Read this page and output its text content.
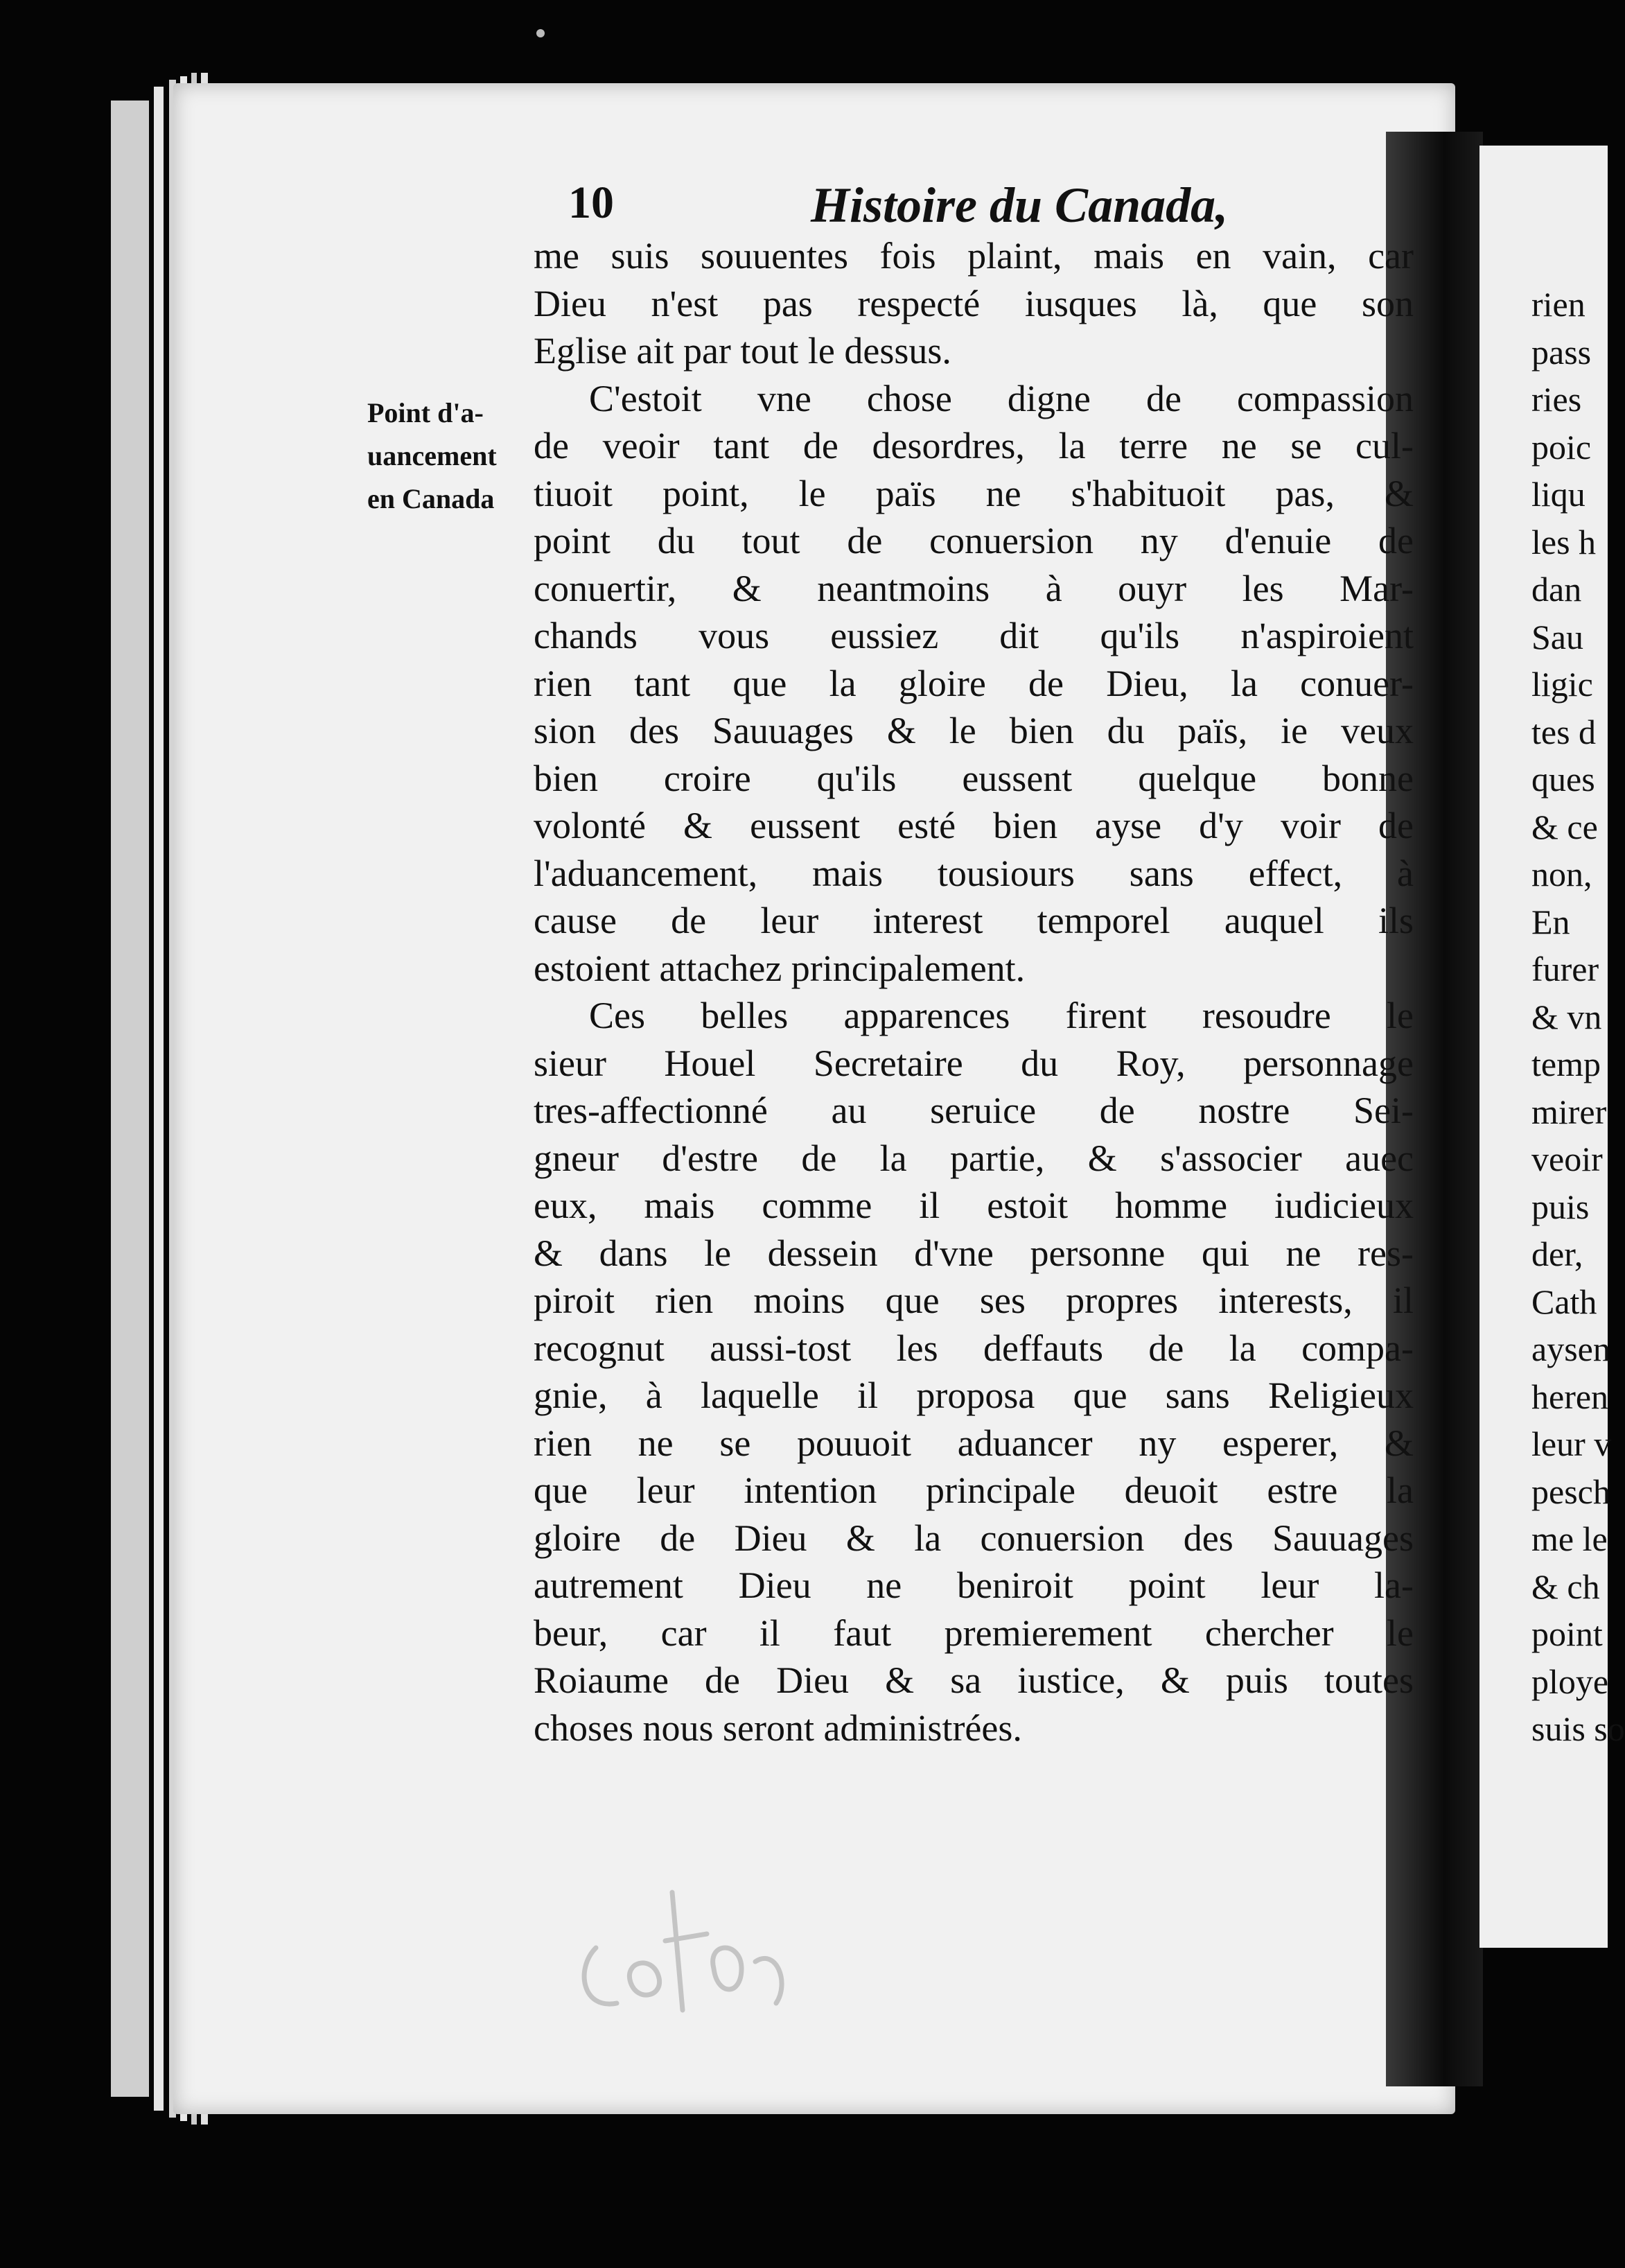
10	Histoire du Canada,
Point d'a-
uancement
en Canada
me suis souuentes fois plaint, mais en vain, car
Dieu n'est pas respecté iusques là, que son
Eglise ait par tout le dessus.
C'estoit vne chose digne de compassion
de veoir tant de desordres, la terre ne se cul-
tiuoit point, le païs ne s'habituoit pas, &
point du tout de conuersion ny d'enuie de
conuertir, & neantmoins à ouyr les Mar-
chands vous eussiez dit qu'ils n'aspiroient
rien tant que la gloire de Dieu, la conuer-
sion des Sauuages & le bien du païs, ie veux
bien croire qu'ils eussent quelque bonne
volonté & eussent esté bien ayse d'y voir de
l'aduancement, mais tousiours sans effect, à
cause de leur interest temporel auquel ils
estoient attachez principalement.
Ces belles apparences firent resoudre le
sieur Houel Secretaire du Roy, personnage
tres-affectionné au seruice de nostre Sei-
gneur d'estre de la partie, & s'associer auec
eux, mais comme il estoit homme iudicieux
& dans le dessein d'vne personne qui ne res-
piroit rien moins que ses propres interests, il
recognut aussi-tost les deffauts de la compa-
gnie, à laquelle il proposa que sans Religieux
rien ne se pouuoit aduancer ny esperer, &
que leur intention principale deuoit estre la
gloire de Dieu & la conuersion des Sauuages
autrement Dieu ne beniroit point leur la-
beur, car il faut premierement chercher le
Roiaume de Dieu & sa iustice, & puis toutes
choses nous seront administrées.
rien
pass
ries
poic
liqu
les h
dan
Sau
ligic
tes d
ques
& ce
non,
En
furer
& vn
temp
mirer
veoir
puis
der,
Cath
aysen
heren
leur v
pesch
me le
& ch
point
ploye
suis so
